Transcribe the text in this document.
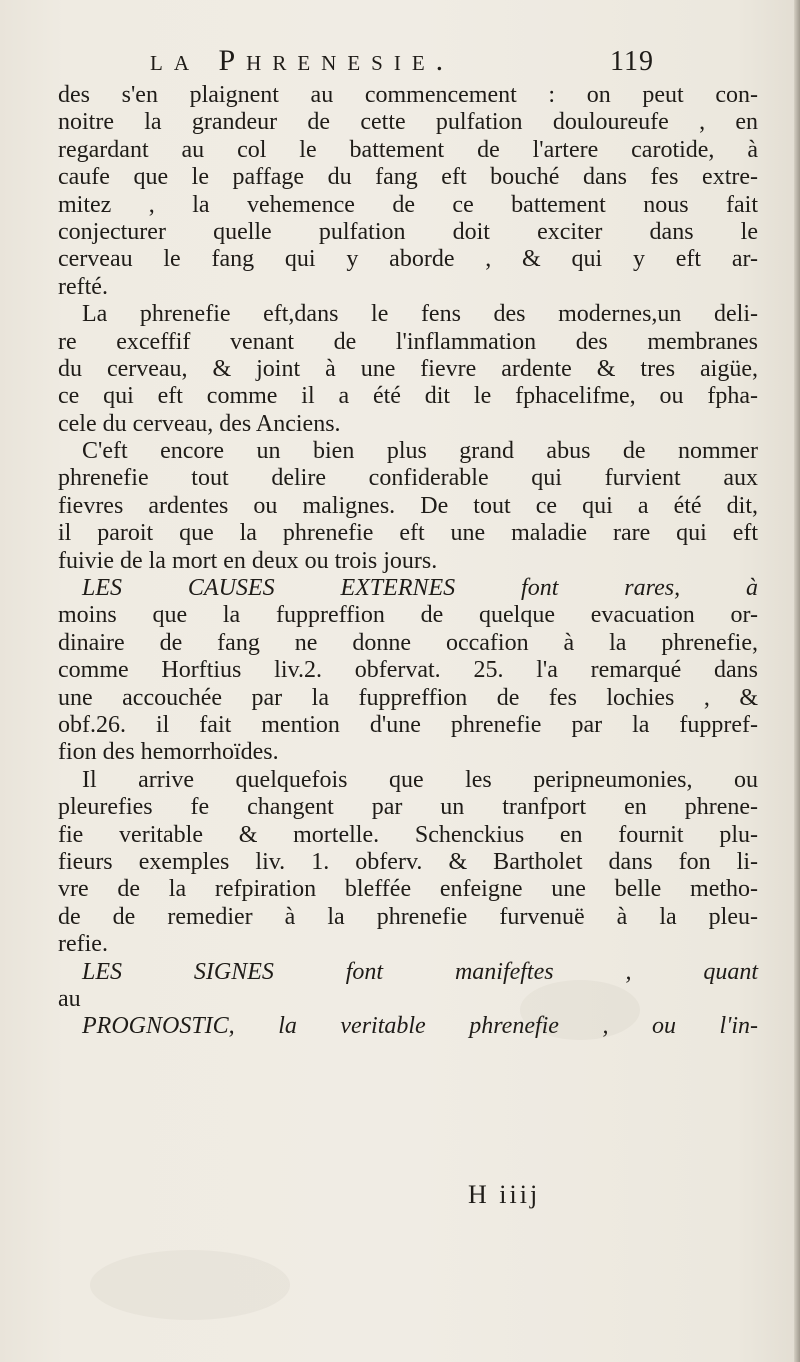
la Phrenesie.	119
des s'en plaignent au commencement : on peut con-
noitre la grandeur de cette pulfation douloureufe , en
regardant au col le battement de l'artere carotide, à
caufe que le paffage du fang eft bouché dans fes extre-
mitez , la vehemence de ce battement nous fait
conjecturer quelle pulfation doit exciter dans le
cerveau le fang qui y aborde , & qui y eft ar-
refté.
La phrenefie eft,dans le fens des modernes,un deli-
re exceffif venant de l'inflammation des membranes
du cerveau, & joint à une fievre ardente & tres aigüe,
ce qui eft comme il a été dit le fphacelifme, ou fpha-
cele du cerveau, des Anciens.
C'eft encore un bien plus grand abus de nommer
phrenefie tout delire confiderable qui furvient aux
fievres ardentes ou malignes. De tout ce qui a été dit,
il paroit que la phrenefie eft une maladie rare qui eft
fuivie de la mort en deux ou trois jours.
LES CAUSES EXTERNES font rares, à
moins que la fuppreffion de quelque evacuation or-
dinaire de fang ne donne occafion à la phrenefie,
comme Horftius liv.2. obfervat. 25. l'a remarqué dans
une accouchée par la fuppreffion de fes lochies , &
obf.26. il fait mention d'une phrenefie par la fuppref-
fion des hemorrhoïdes.
Il arrive quelquefois que les peripneumonies, ou
pleurefies fe changent par un tranfport en phrene-
fie veritable & mortelle. Schenckius en fournit plu-
fieurs exemples liv. 1. obferv. & Bartholet dans fon li-
vre de la refpiration bleffée enfeigne une belle metho-
de de remedier à la phrenefie furvenuë à la pleu-
refie.
LES SIGNES font manifeftes , quant
au
PROGNOSTIC, la veritable phrenefie , ou l'in-
H iiij
